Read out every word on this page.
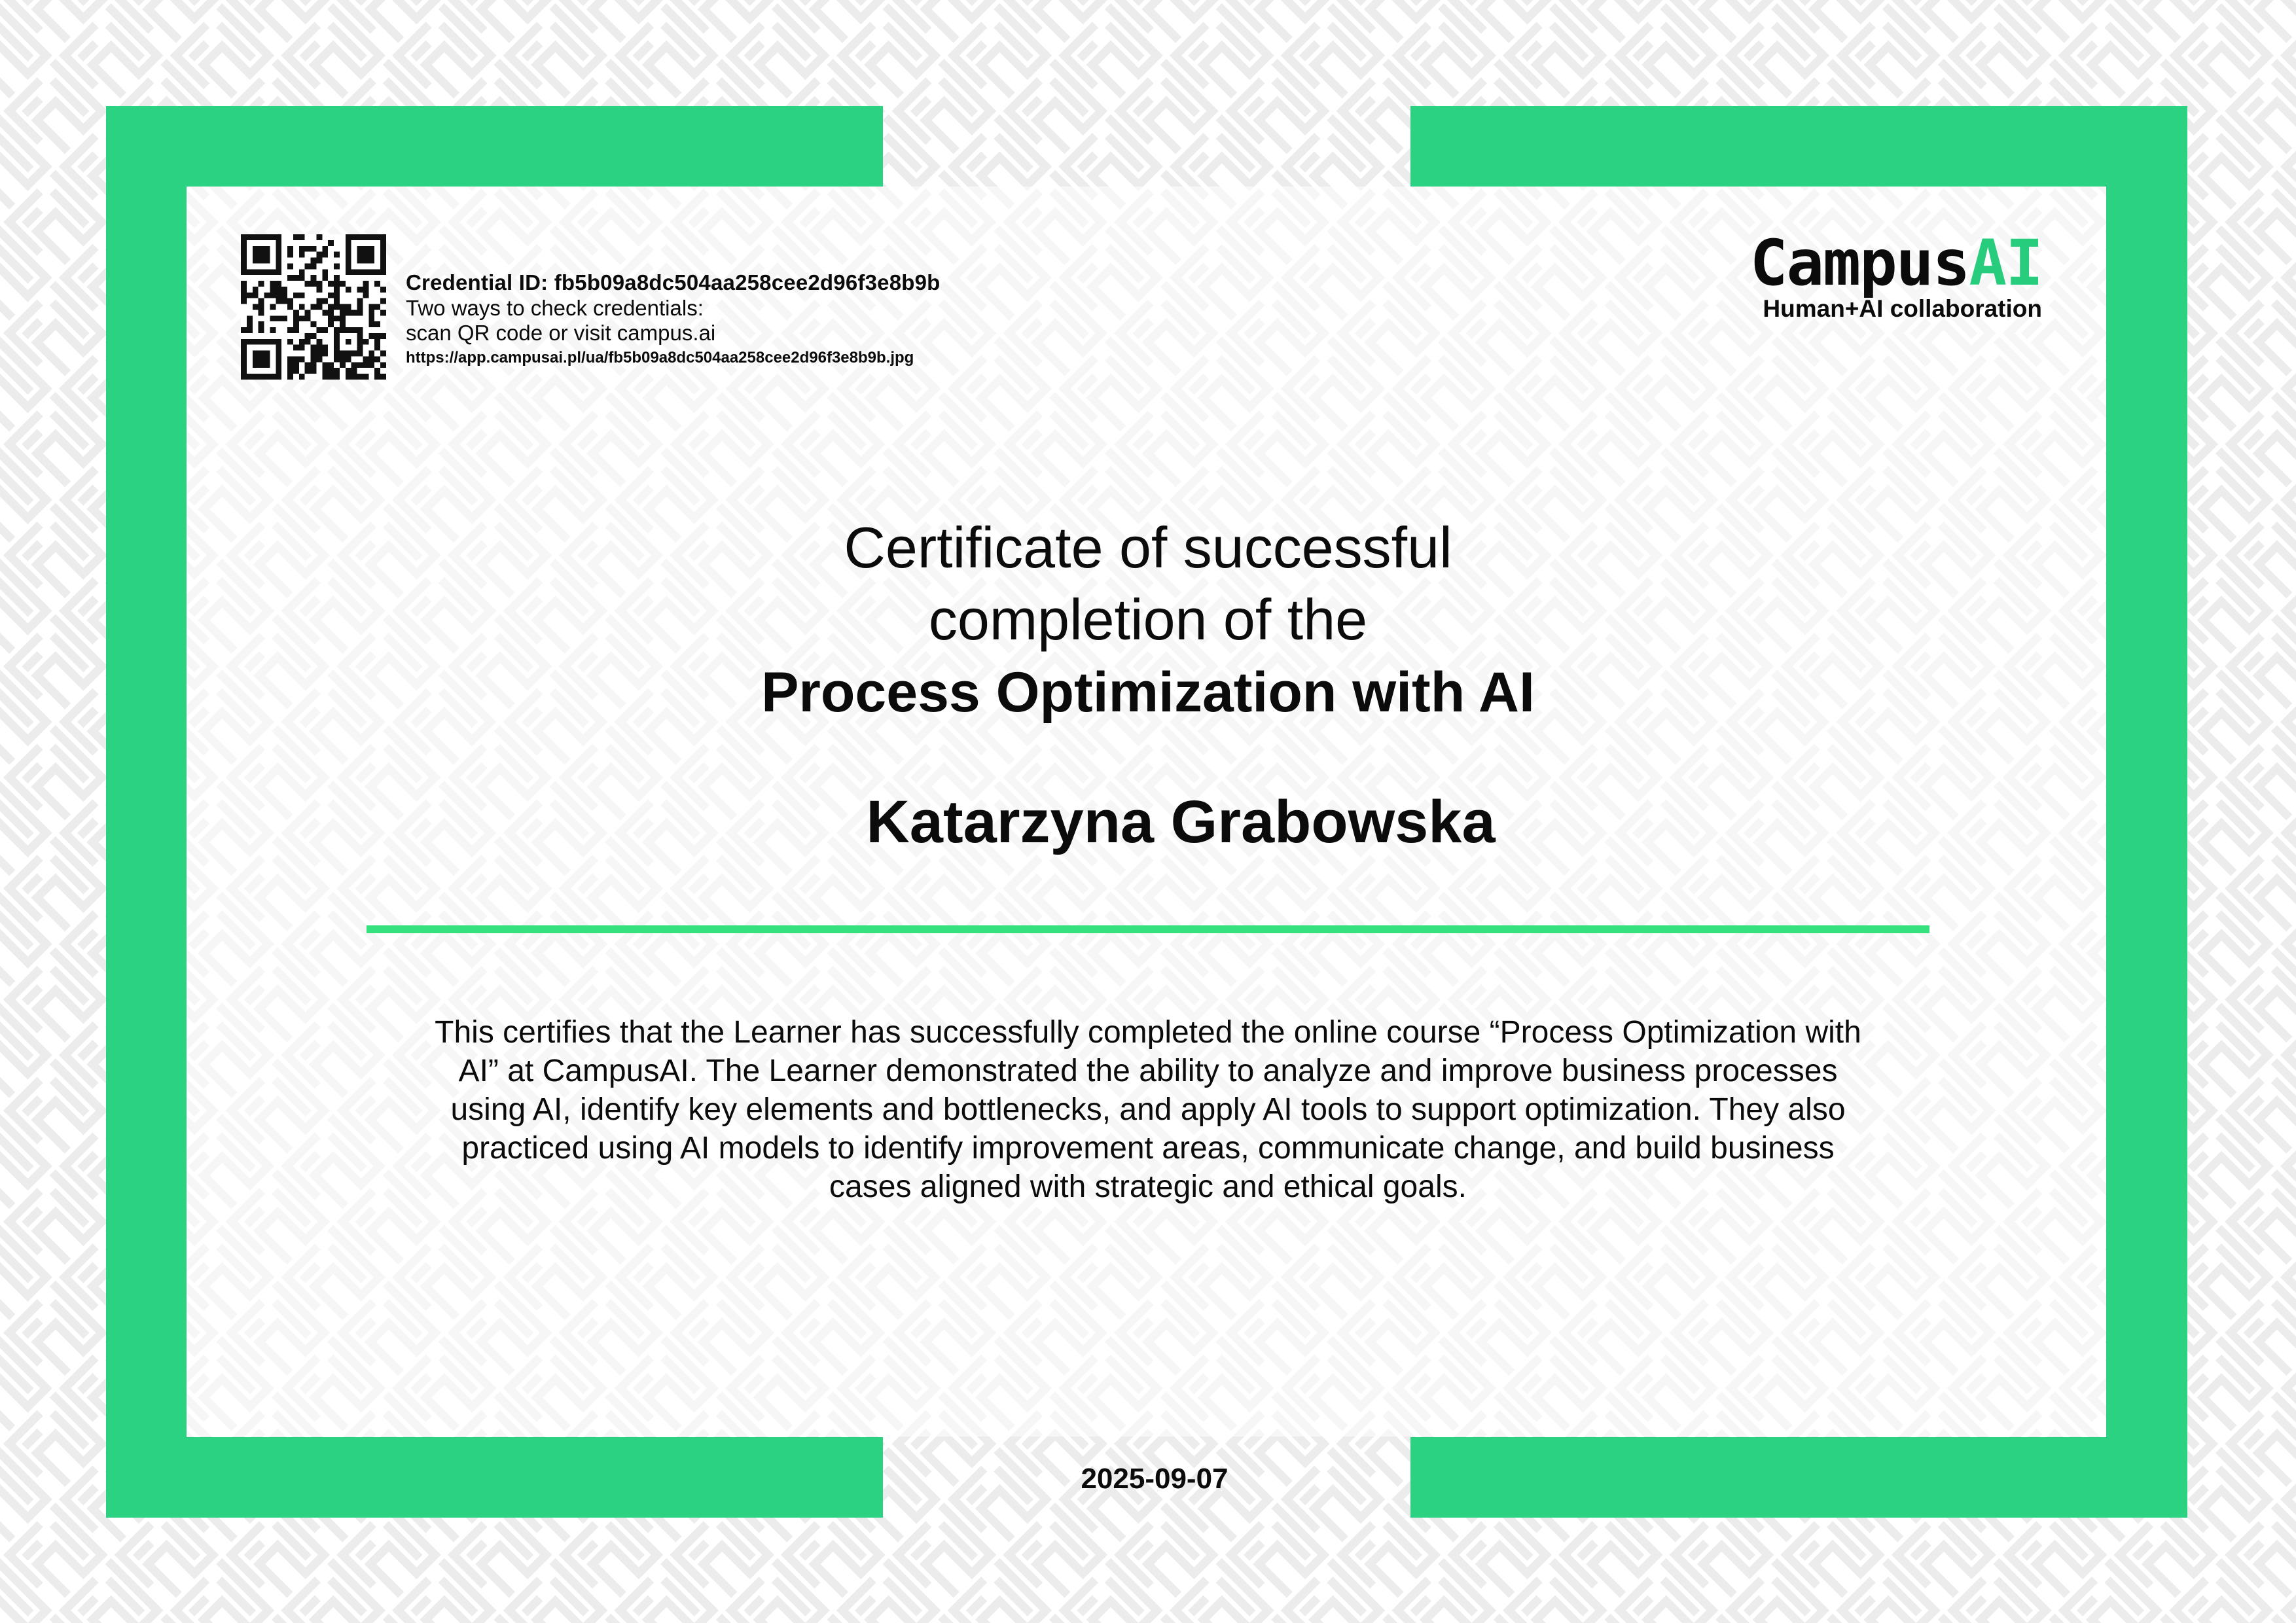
Credential ID: fb5b09a8dc504aa258cee2d96f3e8b9b
Two ways to check credentials:
scan QR code or visit campus.ai
https://app.campusai.pl/ua/fb5b09a8dc504aa258cee2d96f3e8b9b.jpg
CampusAI
Human+AI collaboration
Certificate of successful
completion of the
Process Optimization with AI
Katarzyna Grabowska
This certifies that the Learner has successfully completed the online course “Process Optimization with AI” at CampusAI. The Learner demonstrated the ability to analyze and improve business processes using AI, identify key elements and bottlenecks, and apply AI tools to support optimization. They also practiced using AI models to identify improvement areas, communicate change, and build business cases aligned with strategic and ethical goals.
2025-09-07
